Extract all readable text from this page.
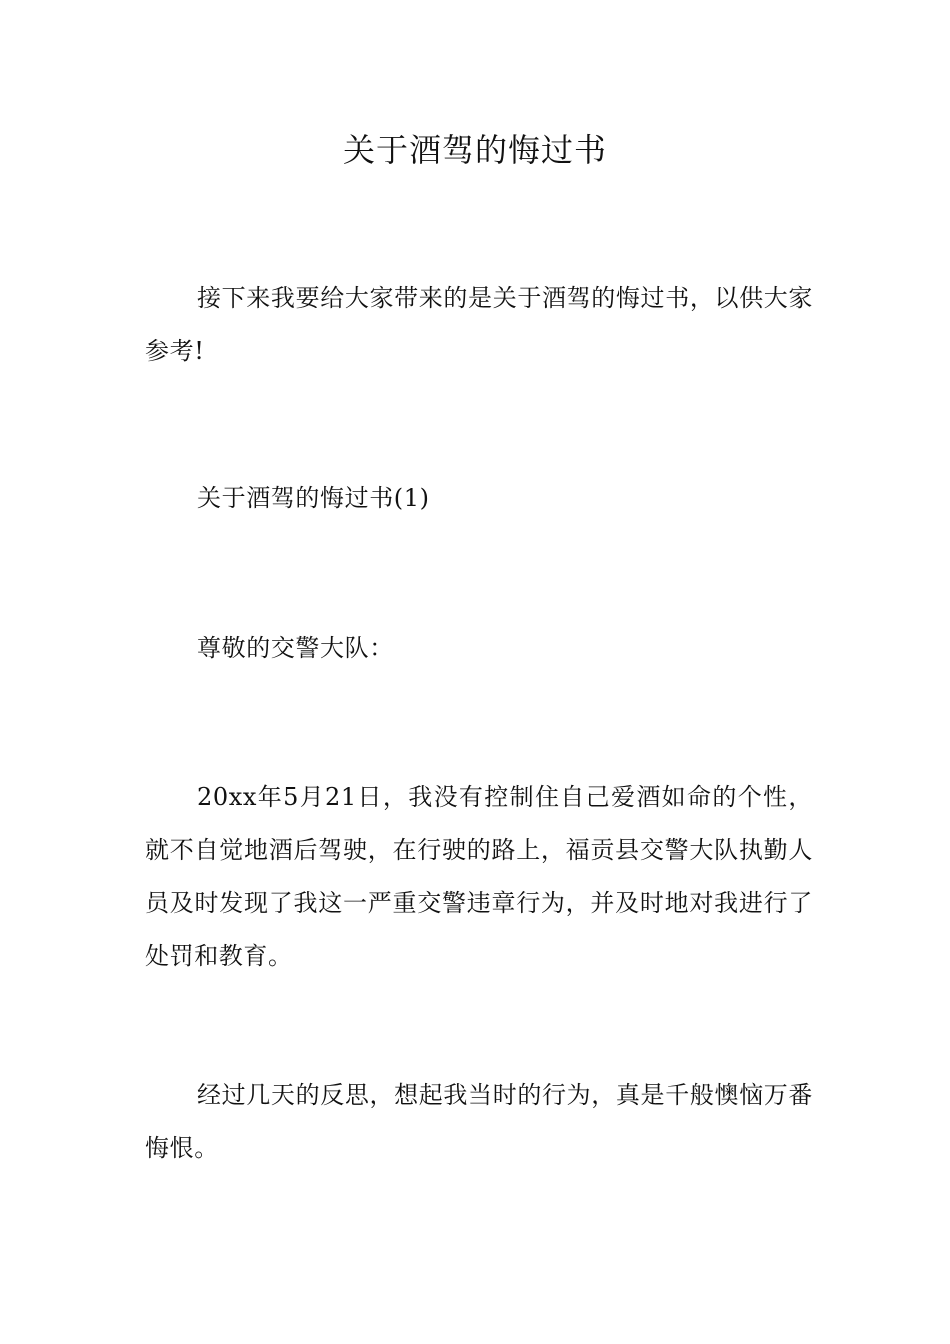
关于酒驾的悔过书

接下来我要给大家带来的是关于酒驾的悔过书，以供大家参考!

关于酒驾的悔过书(1)

尊敬的交警大队：

20xx年5月21日，我没有控制住自己爱酒如命的个性，就不自觉地酒后驾驶，在行驶的路上，福贡县交警大队执勤人员及时发现了我这一严重交警违章行为，并及时地对我进行了处罚和教育。

经过几天的反思，想起我当时的行为，真是千般懊恼万番悔恨。
